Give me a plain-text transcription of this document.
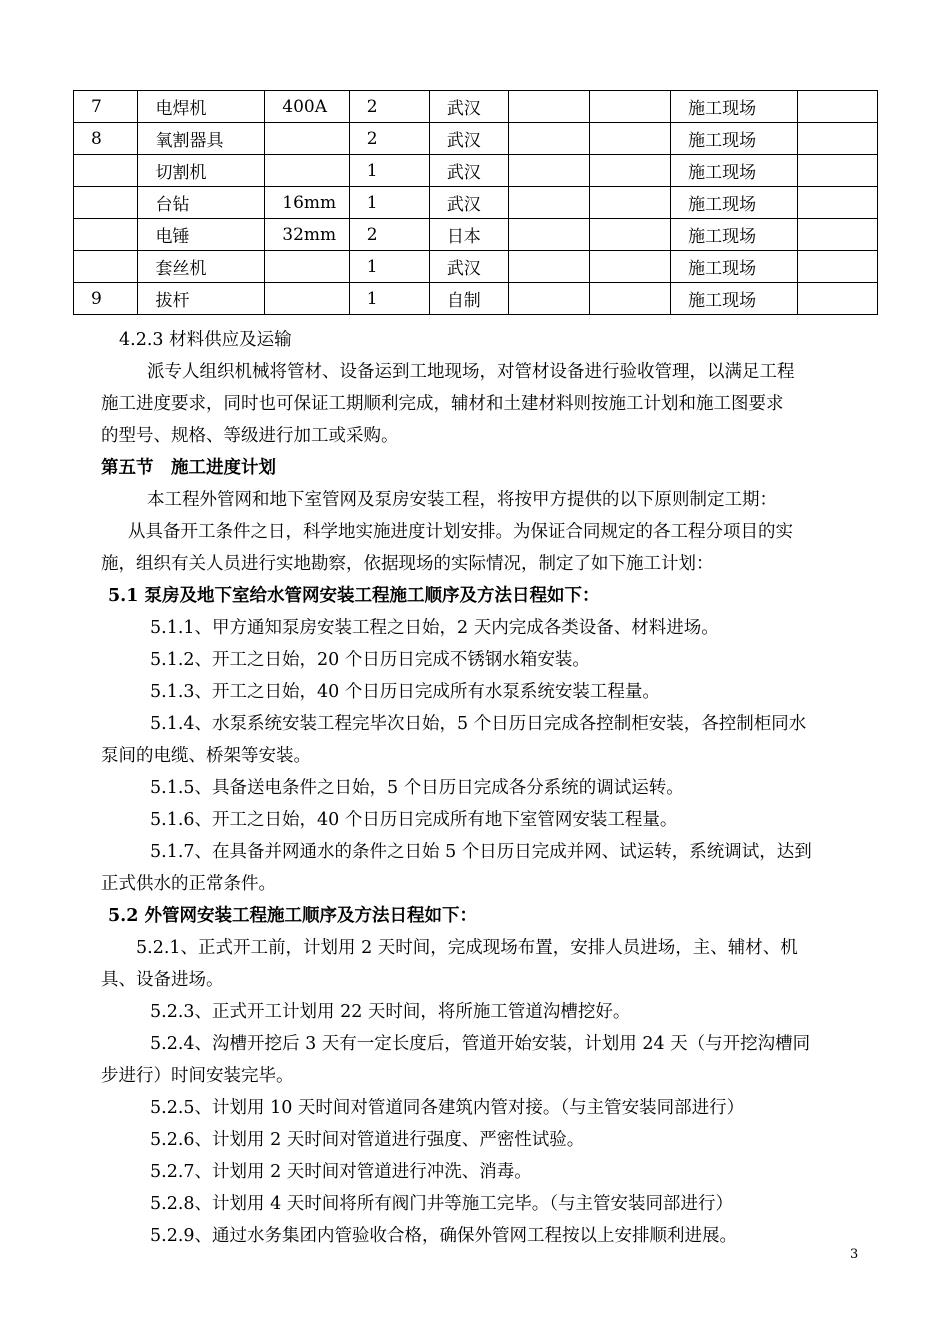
7	电焊机	400A	2	武汉			施工现场	
8	氧割器具		2	武汉			施工现场	
	切割机		1	武汉			施工现场	
	台钻	16mm	1	武汉			施工现场	
	电锤	32mm	2	日本			施工现场	
	套丝机		1	武汉			施工现场	
9	拔杆		1	自制			施工现场	
4.2.3 材料供应及运输
派专人组织机械将管材、设备运到工地现场，对管材设备进行验收管理，以满足工程
施工进度要求，同时也可保证工期顺利完成，辅材和土建材料则按施工计划和施工图要求
的型号、规格、等级进行加工或采购。
第五节　施工进度计划
本工程外管网和地下室管网及泵房安装工程，将按甲方提供的以下原则制定工期：
从具备开工条件之日，科学地实施进度计划安排。为保证合同规定的各工程分项目的实
施，组织有关人员进行实地勘察，依据现场的实际情况，制定了如下施工计划：
5.1 泵房及地下室给水管网安装工程施工顺序及方法日程如下：
5.1.1、甲方通知泵房安装工程之日始，2 天内完成各类设备、材料进场。
5.1.2、开工之日始，20 个日历日完成不锈钢水箱安装。
5.1.3、开工之日始，40 个日历日完成所有水泵系统安装工程量。
5.1.4、水泵系统安装工程完毕次日始，5 个日历日完成各控制柜安装，各控制柜同水
泵间的电缆、桥架等安装。
5.1.5、具备送电条件之日始，5 个日历日完成各分系统的调试运转。
5.1.6、开工之日始，40 个日历日完成所有地下室管网安装工程量。
5.1.7、在具备并网通水的条件之日始 5 个日历日完成并网、试运转，系统调试，达到
正式供水的正常条件。
5.2 外管网安装工程施工顺序及方法日程如下：
5.2.1、正式开工前，计划用 2 天时间，完成现场布置，安排人员进场，主、辅材、机
具、设备进场。
5.2.3、正式开工计划用 22 天时间，将所施工管道沟槽挖好。
5.2.4、沟槽开挖后 3 天有一定长度后，管道开始安装，计划用 24 天（与开挖沟槽同
步进行）时间安装完毕。
5.2.5、计划用 10 天时间对管道同各建筑内管对接。（与主管安装同部进行）
5.2.6、计划用 2 天时间对管道进行强度、严密性试验。
5.2.7、计划用 2 天时间对管道进行冲洗、消毒。
5.2.8、计划用 4 天时间将所有阀门井等施工完毕。（与主管安装同部进行）
5.2.9、通过水务集团内管验收合格，确保外管网工程按以上安排顺利进展。
3
